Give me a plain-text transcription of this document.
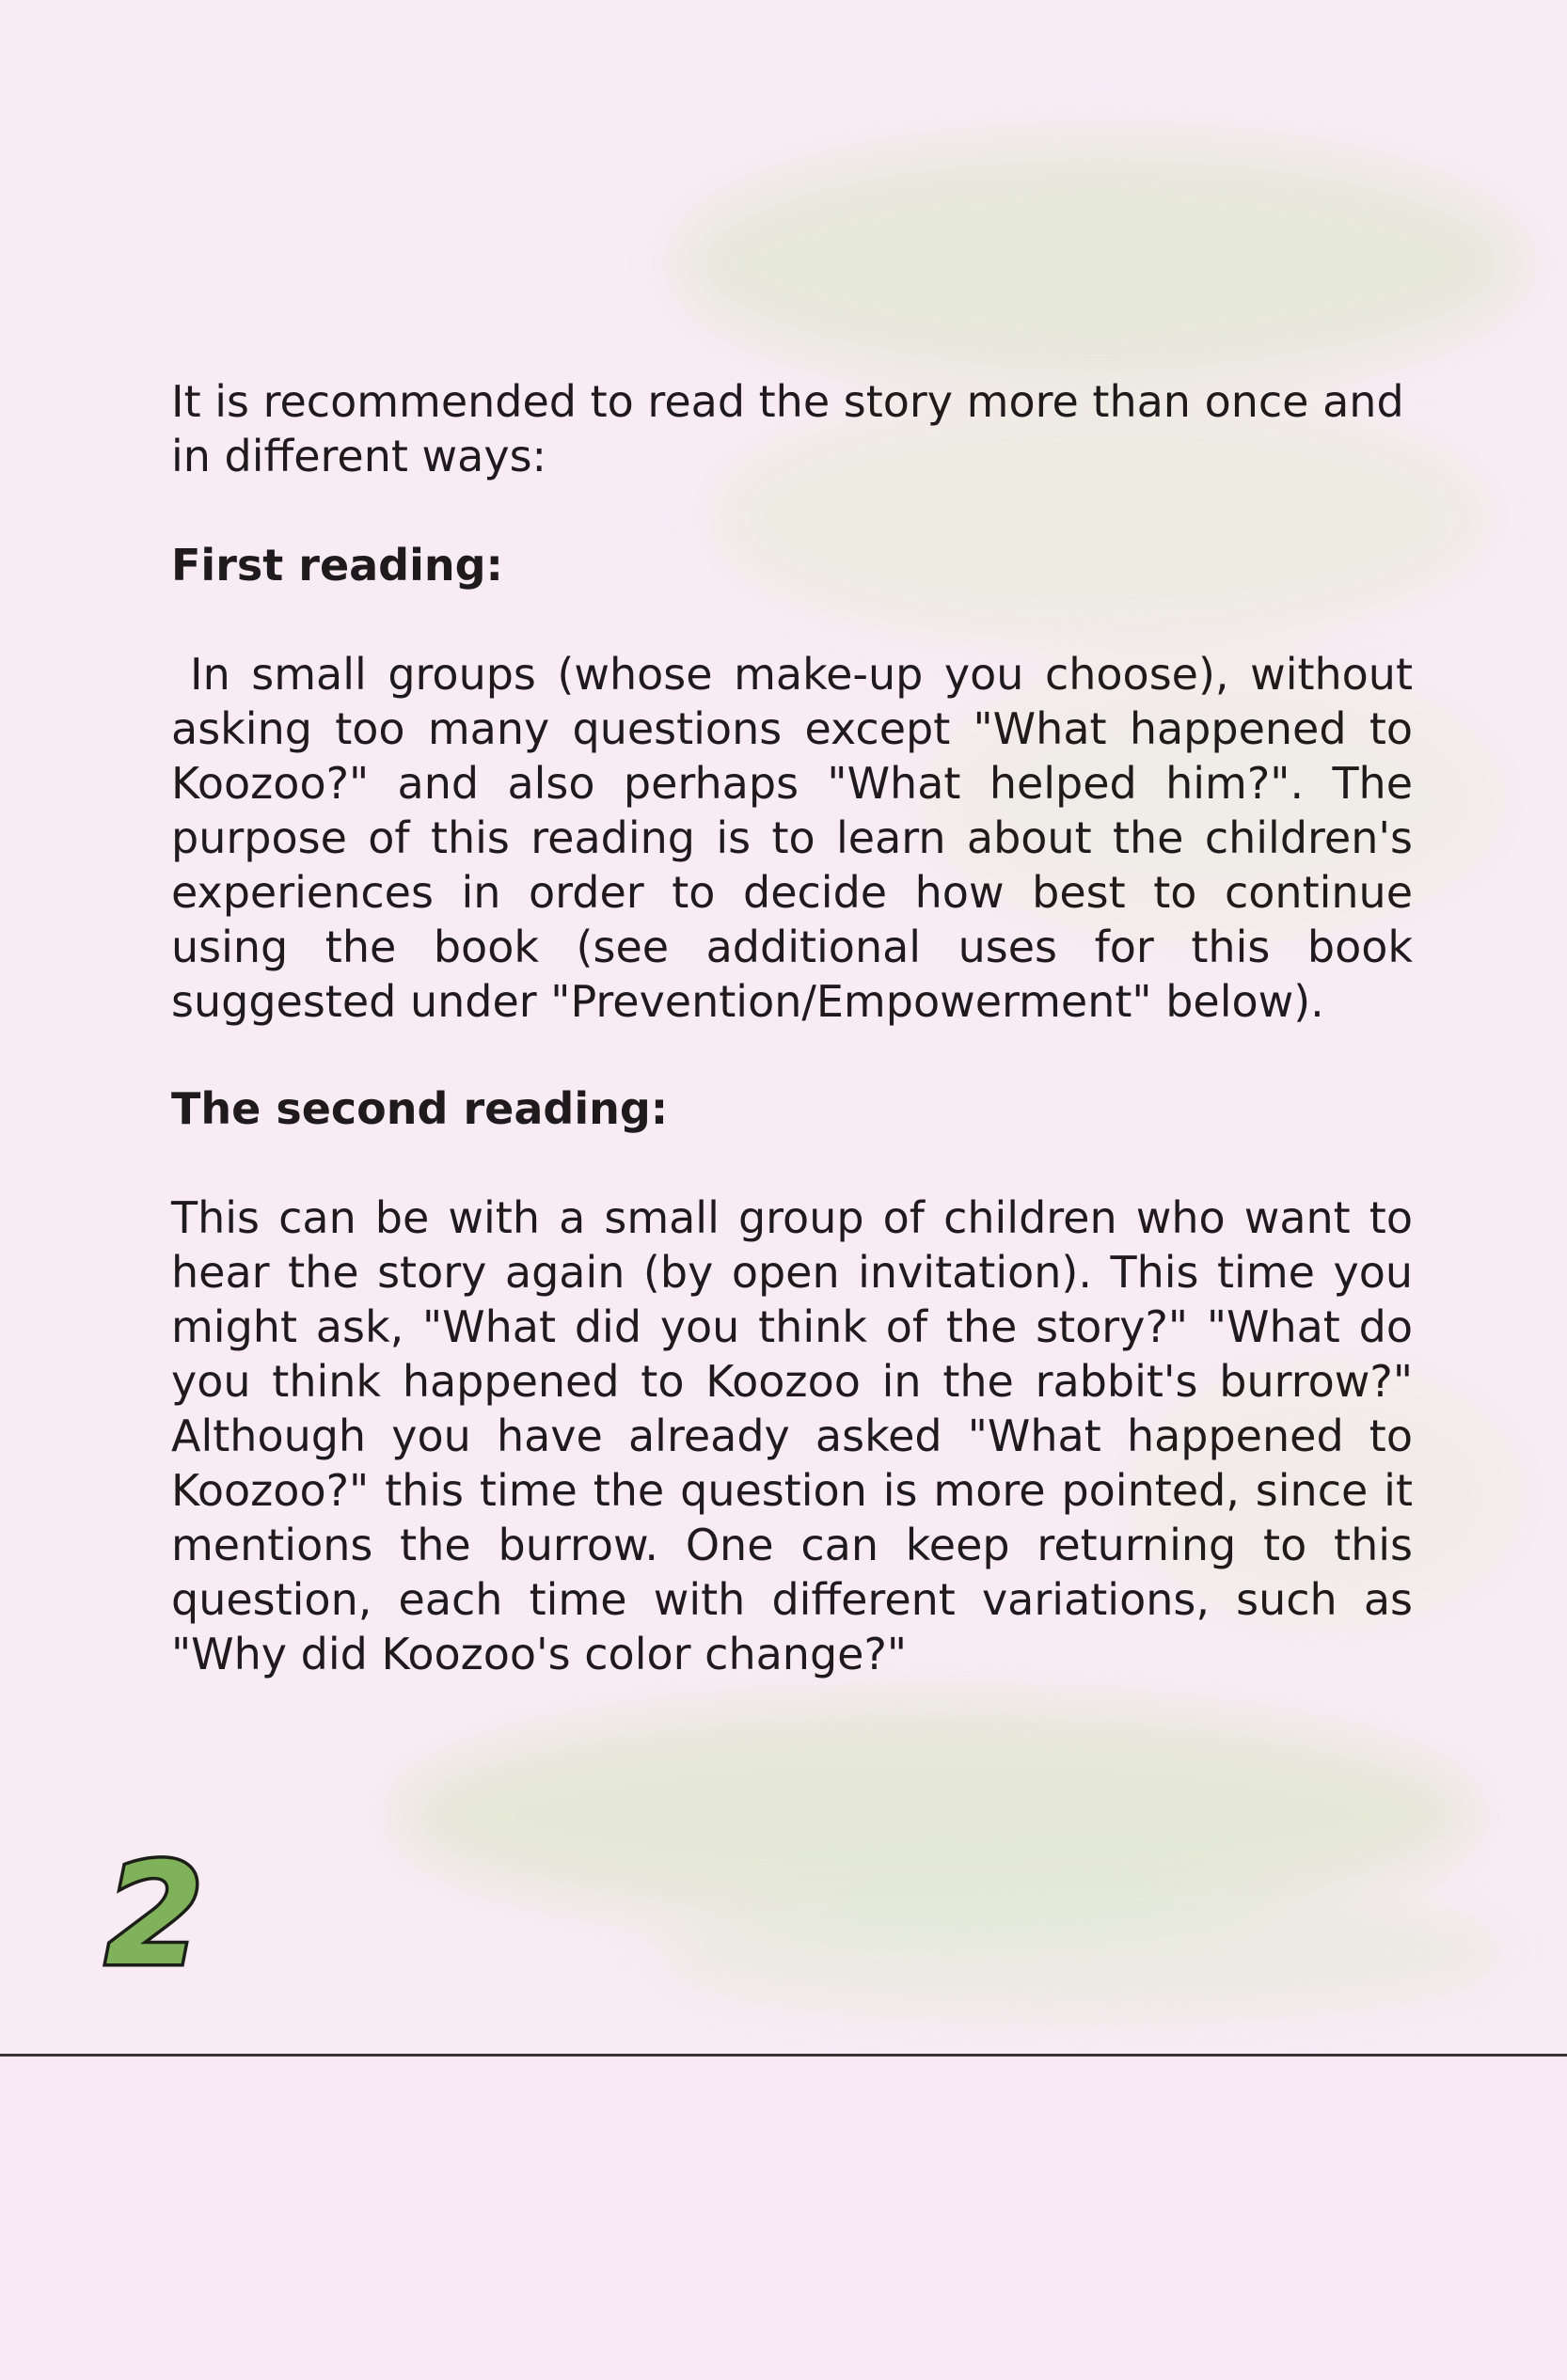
It is recommended to read the story more than once and in different ways:

First reading:

In small groups (whose make-up you choose), without asking too many questions except "What happened to Koozoo?" and also perhaps "What helped him?". The purpose of this reading is to learn about the children's experiences in order to decide how best to continue using the book (see additional uses for this book suggested under "Prevention/Empowerment" below).

The second reading:

This can be with a small group of children who want to hear the story again (by open invitation). This time you might ask, "What did you think of the story?" "What do you think happened to Koozoo in the rabbit's burrow?" Although you have already asked "What happened to Koozoo?" this time the question is more pointed, since it mentions the burrow. One can keep returning to this question, each time with different variations, such as "Why did Koozoo's color change?"

2
